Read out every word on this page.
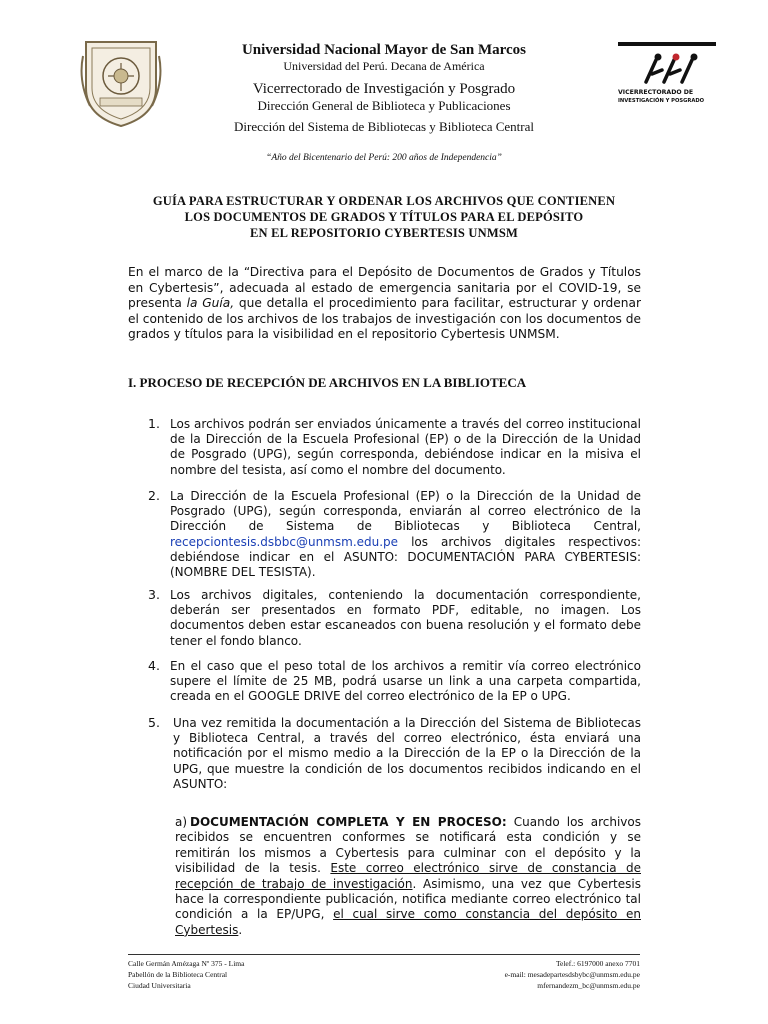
Universidad Nacional Mayor de San Marcos
Universidad del Perú. Decana de América
Vicerrectorado de Investigación y Posgrado
Dirección General de Biblioteca y Publicaciones
Dirección del Sistema de Bibliotecas y Biblioteca Central
“Año del Bicentenario del Perú: 200 años de Independencia”
VICERRECTORADO DE
INVESTIGACIÓN Y POSGRADO
GUÍA PARA ESTRUCTURAR Y ORDENAR LOS ARCHIVOS QUE CONTIENEN
LOS DOCUMENTOS DE GRADOS Y TÍTULOS PARA EL DEPÓSITO
EN EL REPOSITORIO CYBERTESIS UNMSM
En el marco de la “Directiva para el Depósito de Documentos de Grados y Títulos en Cybertesis”, adecuada al estado de emergencia sanitaria por el COVID-19, se presenta la Guía, que detalla el procedimiento para facilitar, estructurar y ordenar el contenido de los archivos de los trabajos de investigación con los documentos de grados y títulos para la visibilidad en el repositorio Cybertesis UNMSM.
I. PROCESO DE RECEPCIÓN DE ARCHIVOS EN LA BIBLIOTECA
1. Los archivos podrán ser enviados únicamente a través del correo institucional de la Dirección de la Escuela Profesional (EP) o de la Dirección de la Unidad de Posgrado (UPG), según corresponda, debiéndose indicar en la misiva el nombre del tesista, así como el nombre del documento.
2. La Dirección de la Escuela Profesional (EP) o la Dirección de la Unidad de Posgrado (UPG), según corresponda, enviarán al correo electrónico de la Dirección de Sistema de Bibliotecas y Biblioteca Central, recepciontesis.dsbbc@unmsm.edu.pe los archivos digitales respectivos: debiéndose indicar en el ASUNTO: DOCUMENTACIÓN PARA CYBERTESIS: (NOMBRE DEL TESISTA).
3. Los archivos digitales, conteniendo la documentación correspondiente, deberán ser presentados en formato PDF, editable, no imagen. Los documentos deben estar escaneados con buena resolución y el formato debe tener el fondo blanco.
4. En el caso que el peso total de los archivos a remitir vía correo electrónico supere el límite de 25 MB, podrá usarse un link a una carpeta compartida, creada en el GOOGLE DRIVE del correo electrónico de la EP o UPG.
5. Una vez remitida la documentación a la Dirección del Sistema de Bibliotecas y Biblioteca Central, a través del correo electrónico, ésta enviará una notificación por el mismo medio a la Dirección de la EP o la Dirección de la UPG, que muestre la condición de los documentos recibidos indicando en el ASUNTO:
a) DOCUMENTACIÓN COMPLETA Y EN PROCESO: Cuando los archivos recibidos se encuentren conformes se notificará esta condición y se remitirán los mismos a Cybertesis para culminar con el depósito y la visibilidad de la tesis. Este correo electrónico sirve de constancia de recepción de trabajo de investigación. Asimismo, una vez que Cybertesis hace la correspondiente publicación, notifica mediante correo electrónico tal condición a la EP/UPG, el cual sirve como constancia del depósito en Cybertesis.
Calle Germán Amézaga Nº 375 - Lima
Pabellón de la Biblioteca Central
Ciudad Universitaria
Telef.: 6197000 anexo 7701
e-mail: mesadepartesdsbybc@unmsm.edu.pe
mfernandezm_bc@unmsm.edu.pe
